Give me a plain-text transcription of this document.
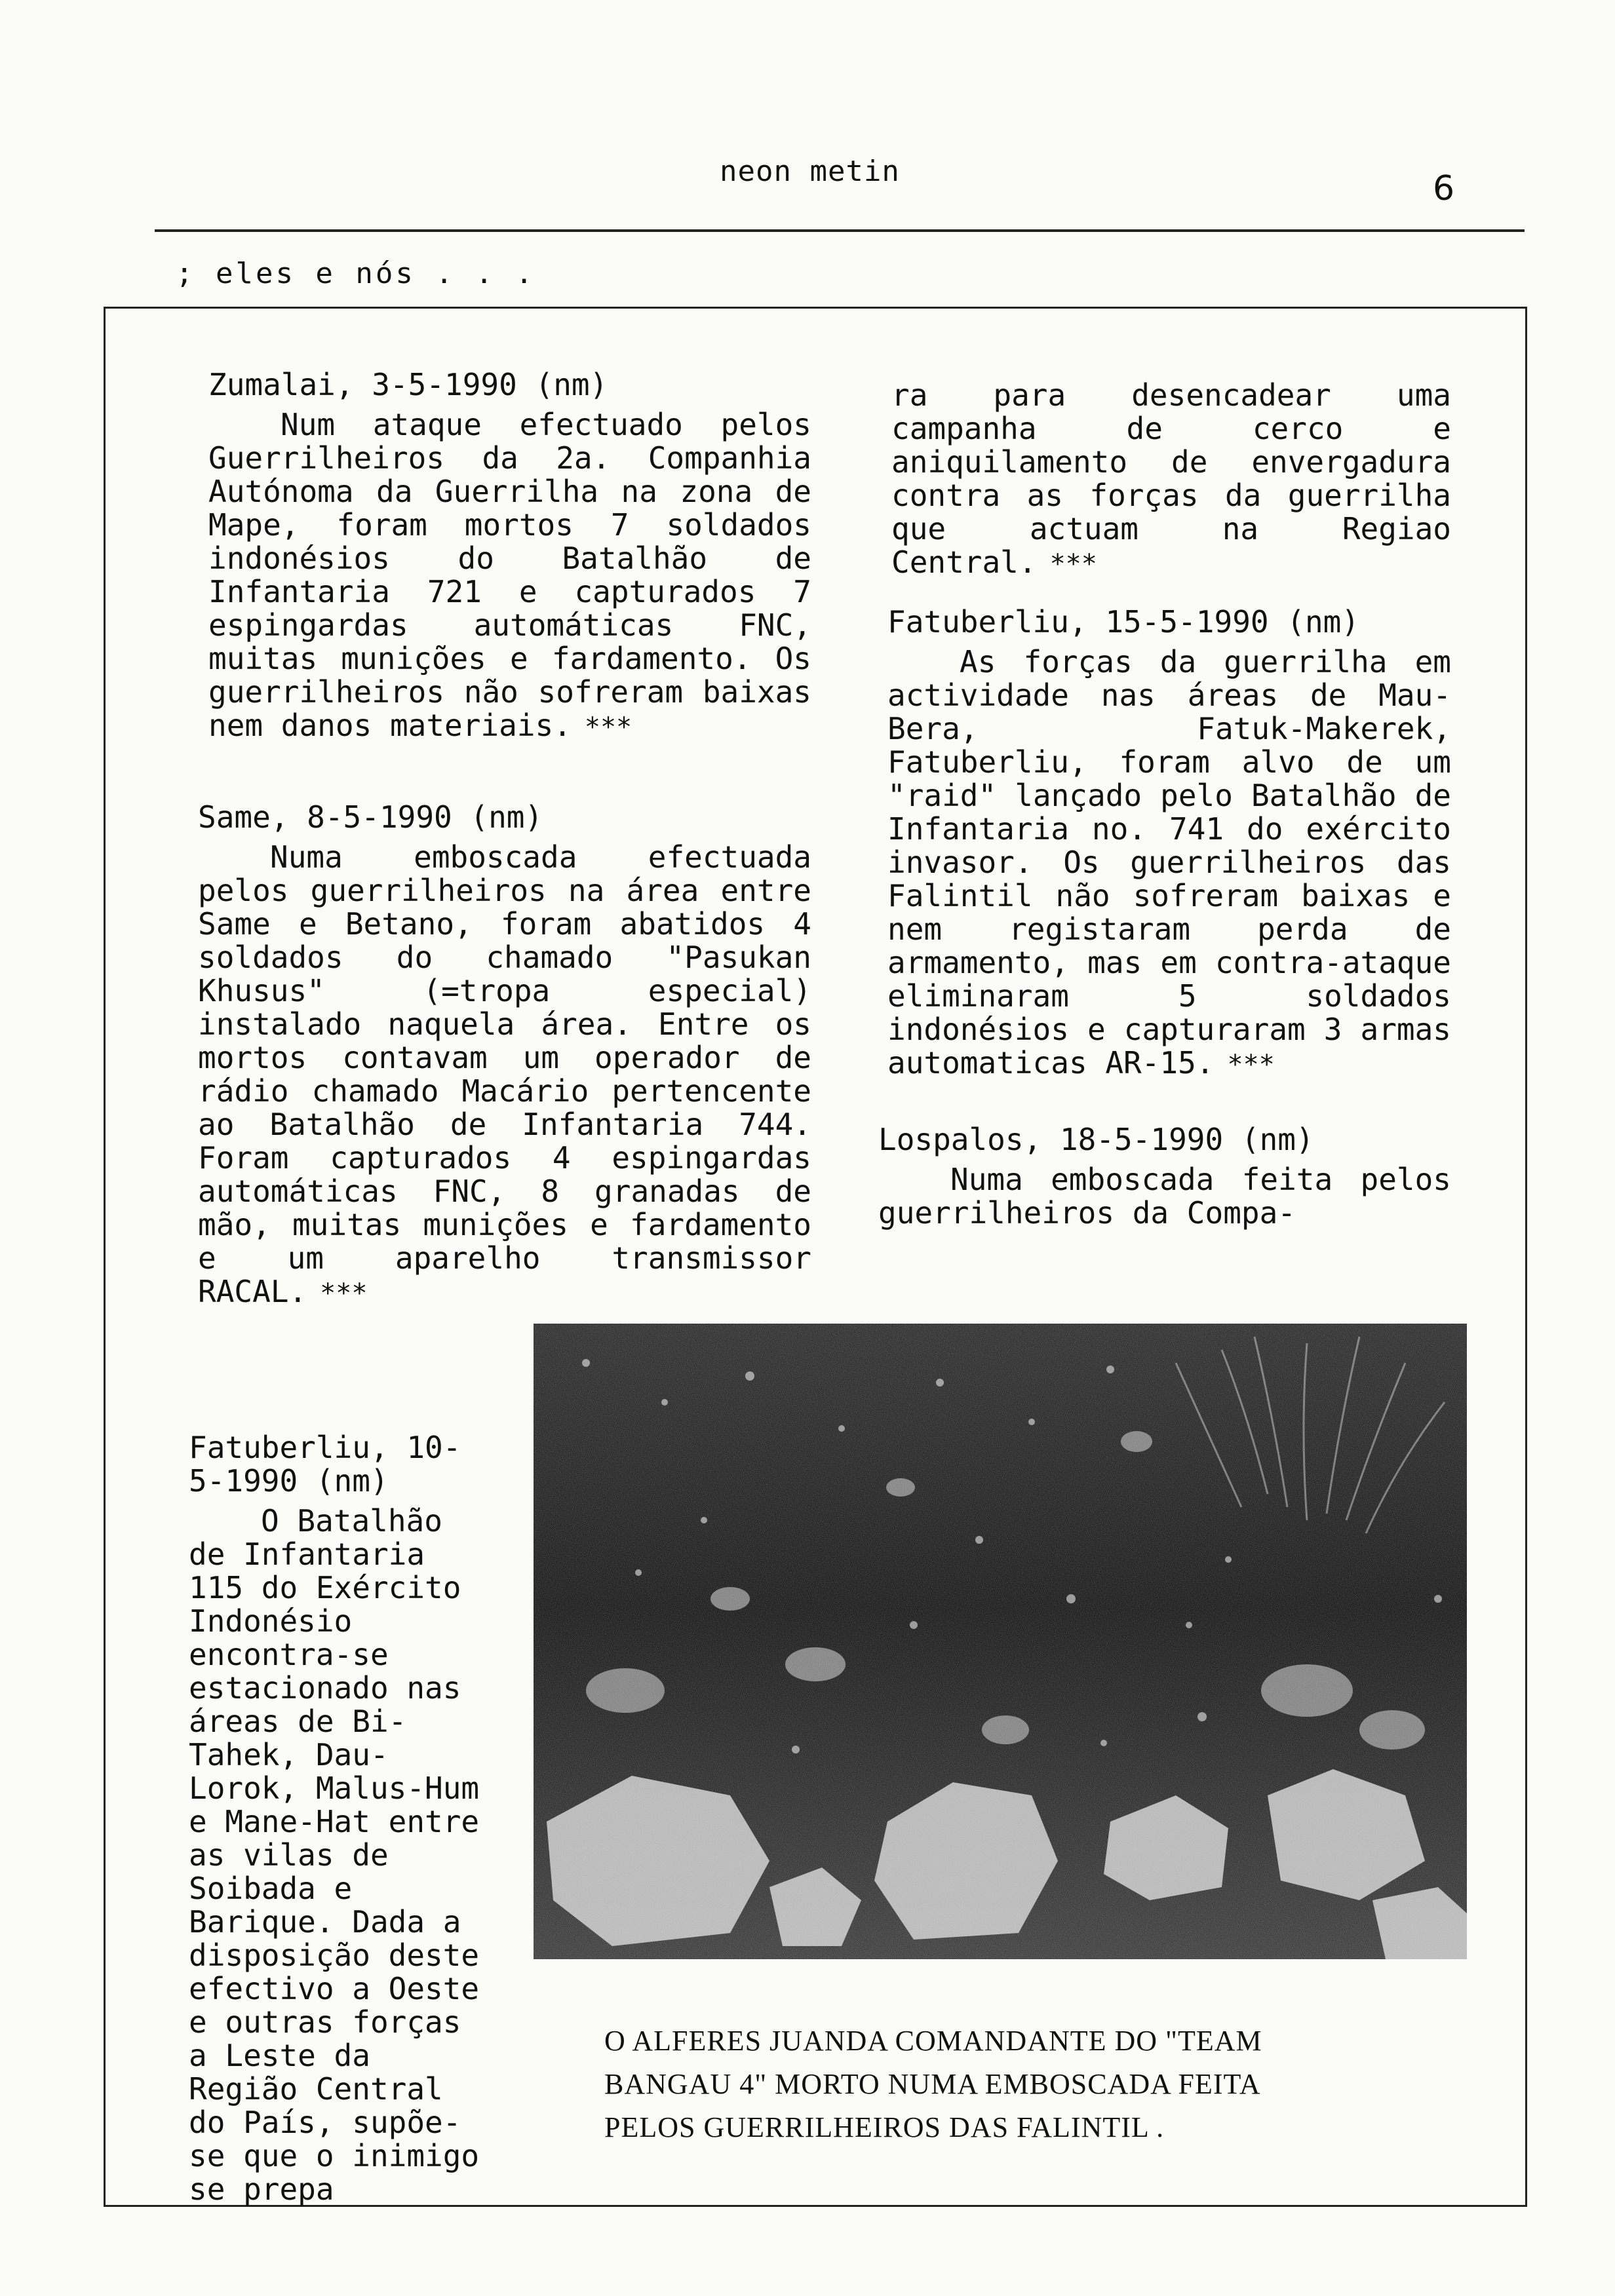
neon metin	6
; eles e nós . . .
Zumalai, 3-5-1990 (nm)

Num ataque efectuado pelos Guerrilheiros da 2a. Companhia Autónoma da Guerrilha na zona de Mape, foram mortos 7 soldados indonésios do Batalhão de Infantaria 721 e capturados 7 espingardas automáticas FNC, muitas munições e fardamento. Os guerrilheiros não sofreram baixas nem danos materiais. ***

Same, 8-5-1990 (nm)

Numa emboscada efectuada pelos guerrilheiros na área entre Same e Betano, foram abatidos 4 soldados do chamado "Pasukan Khusus" (=tropa especial) instalado naquela área. Entre os mortos contavam um operador de rádio chamado Macário pertencente ao Batalhão de Infantaria 744. Foram capturados 4 espingardas automáticas FNC, 8 granadas de mão, muitas munições e fardamento e um aparelho transmissor RACAL. ***

Fatuberliu, 10-5-1990 (nm)

O Batalhão de Infantaria 115 do Exército Indonésio encontra-se estacionado nas áreas de Bi-Tahek, Dau-Lorok, Malus-Hum e Mane-Hat entre as vilas de Soibada e Barique. Dada a disposição deste efectivo a Oeste e outras forças a Leste da Região Central do País, supõe-se que o inimigo se prepa

ra para desencadear uma campanha de cerco e aniquilamento de envergadura contra as forças da guerrilha que actuam na Regiao Central. ***

Fatuberliu, 15-5-1990 (nm)

As forças da guerrilha em actividade nas áreas de Mau-Bera, Fatuk-Makerek, Fatuberliu, foram alvo de um "raid" lançado pelo Batalhão de Infantaria no. 741 do exército invasor. Os guerrilheiros das Falintil não sofreram baixas e nem registaram perda de armamento, mas em contra-ataque eliminaram 5 soldados indonésios e capturaram 3 armas automaticas AR-15. ***

Lospalos, 18-5-1990 (nm)

Numa emboscada feita pelos guerrilheiros da Compa-

O ALFERES JUANDA COMANDANTE DO "TEAM
BANGAU 4" MORTO NUMA EMBOSCADA FEITA
PELOS GUERRILHEIROS DAS FALINTIL .
